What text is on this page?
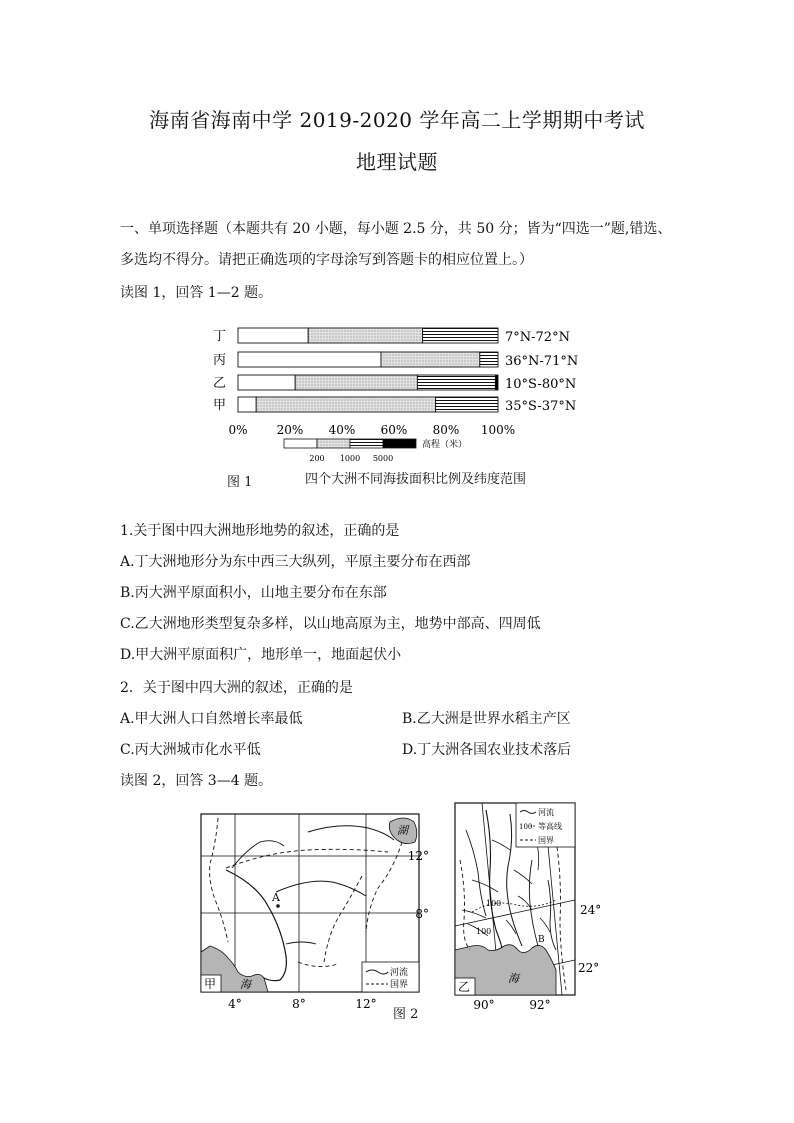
海南省海南中学 2019-2020 学年高二上学期期中考试
地理试题
一、单项选择题（本题共有 20 小题，每小题 2.5 分，共 50 分；皆为“四选一”题,错选、
多选均不得分。请把正确选项的字母涂写到答题卡的相应位置上。）
读图 1，回答 1—2 题。
丁
丙
乙
甲
7°N-72°N
36°N-71°N
10°S-80°N
35°S-37°N
0% 20% 40% 60% 80% 100%
高程（米）
200 1000 5000
图 1	四个大洲不同海拔面积比例及纬度范围
1.关于图中四大洲地形地势的叙述，正确的是
A.丁大洲地形分为东中西三大纵列，平原主要分布在西部
B.丙大洲平原面积小，山地主要分布在东部
C.乙大洲地形类型复杂多样，以山地高原为主，地势中部高、四周低
D.甲大洲平原面积广，地形单一，地面起伏小
2．关于图中四大洲的叙述，正确的是
A.甲大洲人口自然增长率最低	B.乙大洲是世界水稻主产区
C.丙大洲城市化水平低	D.丁大洲各国农业技术落后
读图 2，回答 3—4 题。
湖
海
A
河流
国界
甲
12°
8°
4°	8°	12°
图 2
海
100
100
B
河流
100 等高线
国界
乙
24°
22°
90°	92°
